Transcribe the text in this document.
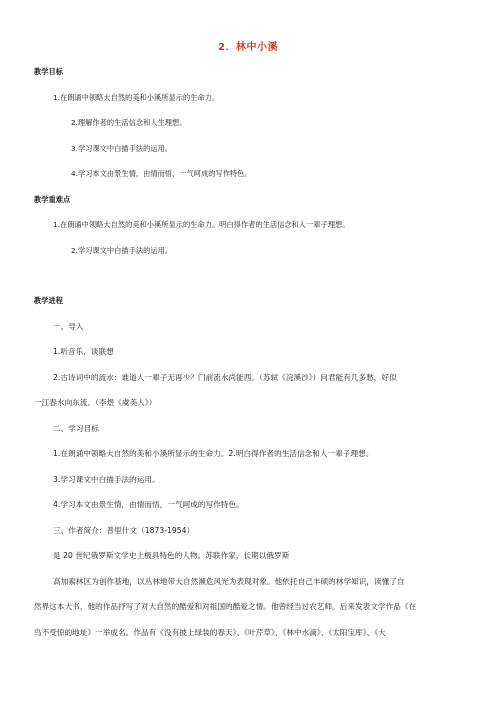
2．林中小溪
教学目标
1.在朗诵中领略大自然的美和小溪所显示的生命力。
2.理解作者的生活信念和人生理想。
3.学习课文中白描手法的运用。
4.学习本文由景生情，由情而悟，一气呵成的写作特色。
教学重难点
1.在朗诵中领略大自然的美和小溪所显示的生命力。明白得作者的生活信念和人一辈子理想。
2.学习课文中白描手法的运用。
教学进程
一、导入
1.听音乐，谈联想
2.古诗词中的流水：谁道人一辈子无再少？门前流水尚能西。（苏轼《浣溪沙》）问君能有几多愁，好似
一江春水向东流。（李煜《虞美人》）
二、学习目标
1.在朗诵中领略大自然的美和小溪所显示的生命力。2.明白得作者的生活信念和人一辈子理想。
3.学习课文中白描手法的运用。
4.学习本文由景生情，由情而悟，一气呵成的写作特色。
三、作者简介：普里什文（1873-1954）
是 20 世纪俄罗斯文学史上极具特色的人物。苏联作家，长期以俄罗斯
高加索林区为创作基地，以丛林地带大自然濒危风光为表现对象。他依托自己丰硕的林学知识，读懂了自
然界这本大书，他的作品抒写了对大自然的酷爱和对祖国的酷爱之情。他曾经当过农艺师。后来发表文学作品《在
鸟不受惊的地址》一举成名。作品有《没有披上绿装的春天》、《叶芹草》、《林中水滴》、《太阳宝库》、《大
